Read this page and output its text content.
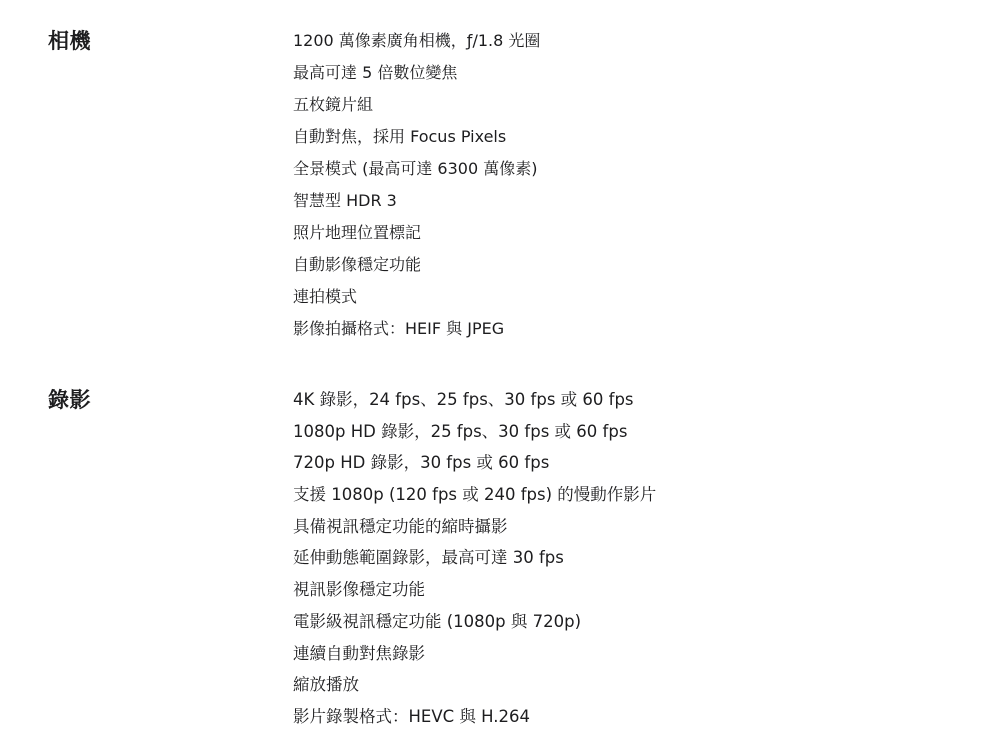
相機	1200 萬像素廣角相機，ƒ/1.8 光圈
最高可達 5 倍數位變焦
五枚鏡片組
自動對焦，採用 Focus Pixels
全景模式 (最高可達 6300 萬像素)
智慧型 HDR 3
照片地理位置標記
自動影像穩定功能
連拍模式
影像拍攝格式：HEIF 與 JPEG
錄影	4K 錄影，24 fps、25 fps、30 fps 或 60 fps
1080p HD 錄影，25 fps、30 fps 或 60 fps
720p HD 錄影，30 fps 或 60 fps
支援 1080p (120 fps 或 240 fps) 的慢動作影片
具備視訊穩定功能的縮時攝影
延伸動態範圍錄影，最高可達 30 fps
視訊影像穩定功能
電影級視訊穩定功能 (1080p 與 720p)
連續自動對焦錄影
縮放播放
影片錄製格式：HEVC 與 H.264
